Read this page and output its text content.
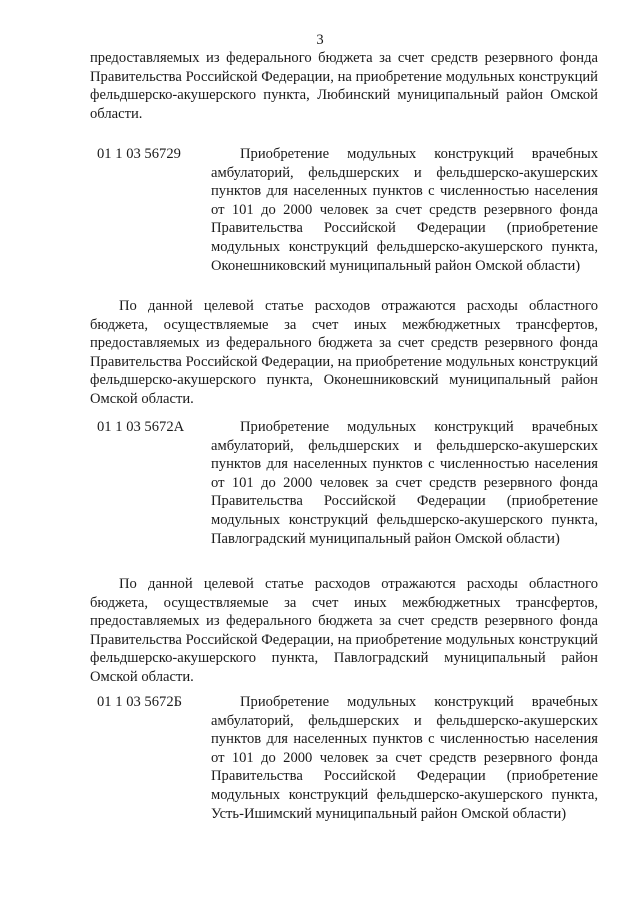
3

предоставляемых из федерального бюджета за счет средств резервного фонда Правительства Российской Федерации, на приобретение модульных конструкций фельдшерско-акушерского пункта, Любинский муниципальный район Омской области.

01 1 03 56729	Приобретение модульных конструкций врачебных амбулаторий, фельдшерских и фельдшерско-акушерских пунктов для населенных пунктов с численностью населения от 101 до 2000 человек за счет средств резервного фонда Правительства Российской Федерации (приобретение модульных конструкций фельдшерско-акушерского пункта, Оконешниковский муниципальный район Омской области)

По данной целевой статье расходов отражаются расходы областного бюджета, осуществляемые за счет иных межбюджетных трансфертов, предоставляемых из федерального бюджета за счет средств резервного фонда Правительства Российской Федерации, на приобретение модульных конструкций фельдшерско-акушерского пункта, Оконешниковский муниципальный район Омской области.

01 1 03 5672А	Приобретение модульных конструкций врачебных амбулаторий, фельдшерских и фельдшерско-акушерских пунктов для населенных пунктов с численностью населения от 101 до 2000 человек за счет средств резервного фонда Правительства Российской Федерации (приобретение модульных конструкций фельдшерско-акушерского пункта, Павлоградский муниципальный район Омской области)

По данной целевой статье расходов отражаются расходы областного бюджета, осуществляемые за счет иных межбюджетных трансфертов, предоставляемых из федерального бюджета за счет средств резервного фонда Правительства Российской Федерации, на приобретение модульных конструкций фельдшерско-акушерского пункта, Павлоградский муниципальный район Омской области.

01 1 03 5672Б	Приобретение модульных конструкций врачебных амбулаторий, фельдшерских и фельдшерско-акушерских пунктов для населенных пунктов с численностью населения от 101 до 2000 человек за счет средств резервного фонда Правительства Российской Федерации (приобретение модульных конструкций фельдшерско-акушерского пункта, Усть-Ишимский муниципальный район Омской области)
